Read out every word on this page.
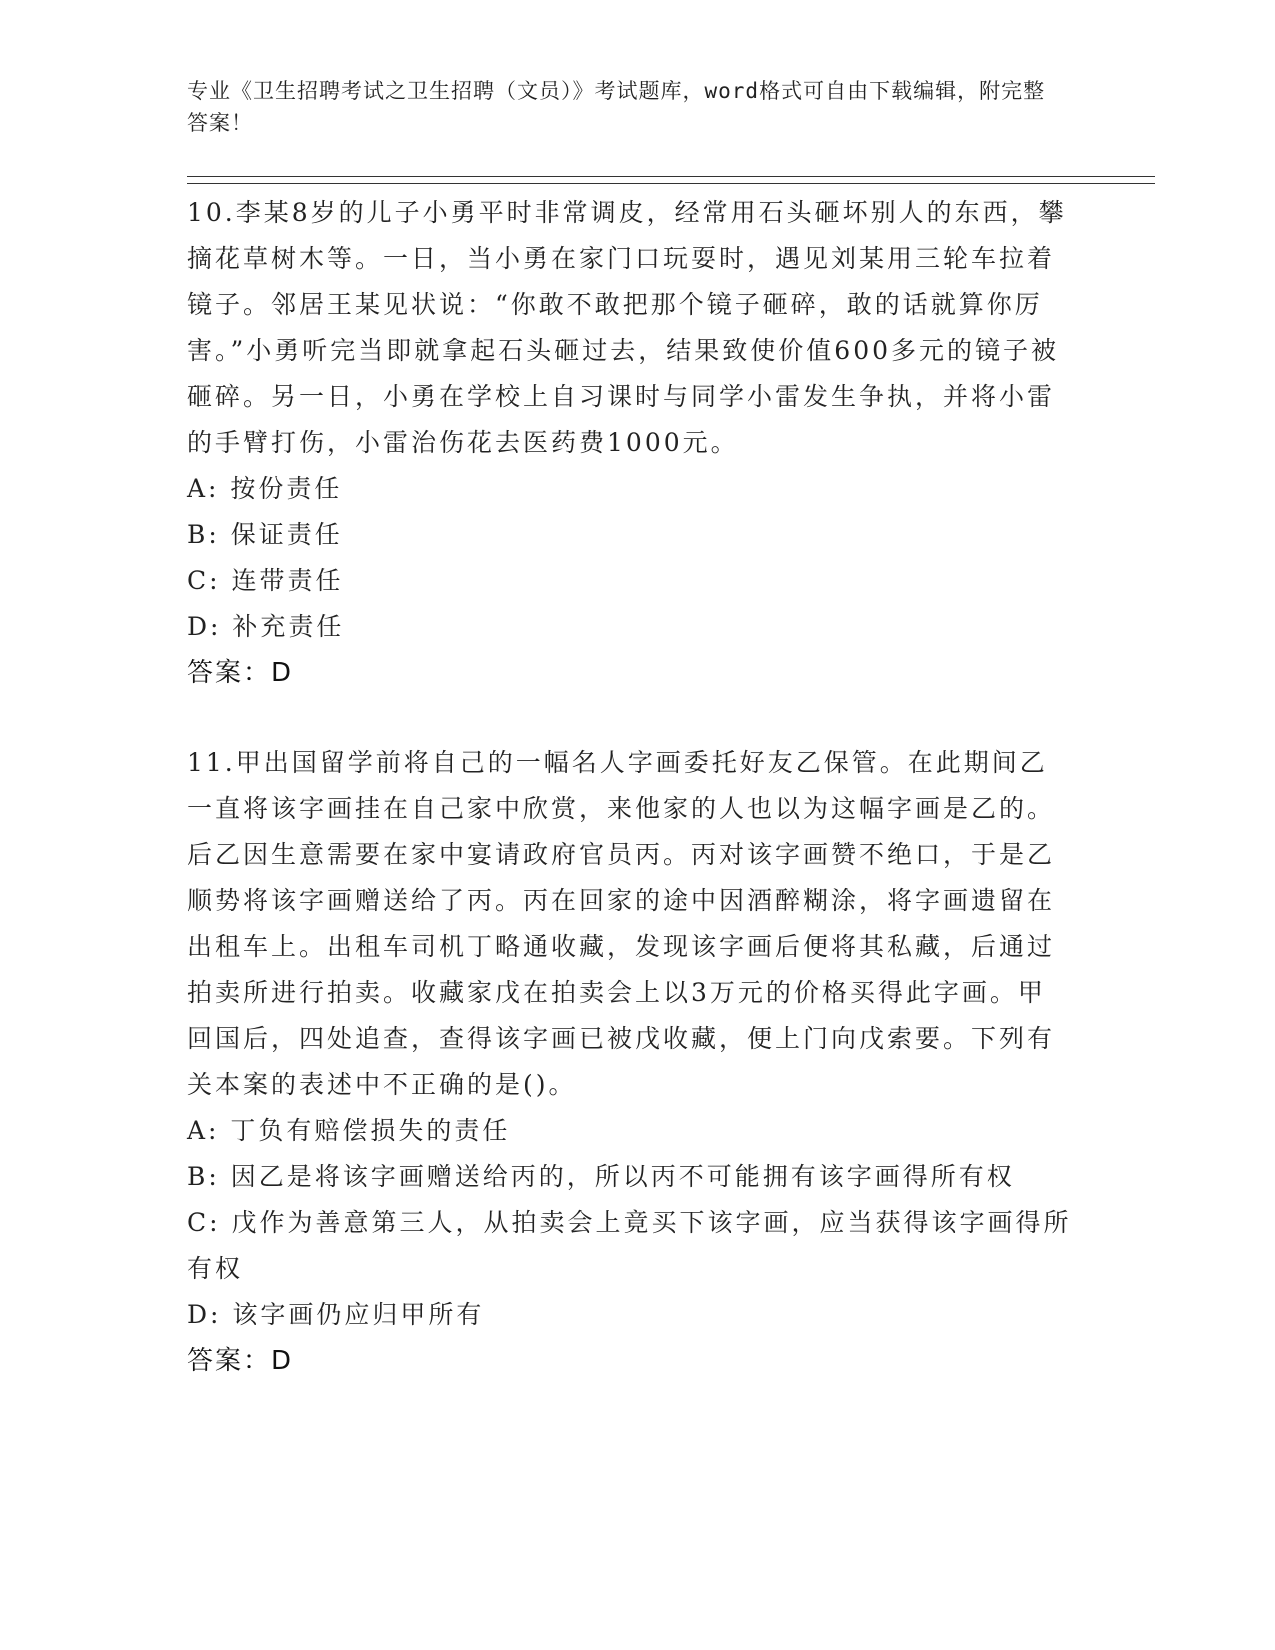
专业《卫生招聘考试之卫生招聘（文员）》考试题库，word格式可自由下载编辑，附完整答案！

10.李某8岁的儿子小勇平时非常调皮，经常用石头砸坏别人的东西，攀摘花草树木等。一日，当小勇在家门口玩耍时，遇见刘某用三轮车拉着镜子。邻居王某见状说：“你敢不敢把那个镜子砸碎，敢的话就算你厉害。”小勇听完当即就拿起石头砸过去，结果致使价值600多元的镜子被砸碎。另一日，小勇在学校上自习课时与同学小雷发生争执，并将小雷的手臂打伤，小雷治伤花去医药费1000元。

A: 按份责任

B: 保证责任

C: 连带责任

D: 补充责任

答案：D

11.甲出国留学前将自己的一幅名人字画委托好友乙保管。在此期间乙一直将该字画挂在自己家中欣赏，来他家的人也以为这幅字画是乙的。后乙因生意需要在家中宴请政府官员丙。丙对该字画赞不绝口，于是乙顺势将该字画赠送给了丙。丙在回家的途中因酒醉糊涂，将字画遗留在出租车上。出租车司机丁略通收藏，发现该字画后便将其私藏，后通过拍卖所进行拍卖。收藏家戊在拍卖会上以3万元的价格买得此字画。甲回国后，四处追查，查得该字画已被戊收藏，便上门向戊索要。下列有关本案的表述中不正确的是()。

A: 丁负有赔偿损失的责任

B: 因乙是将该字画赠送给丙的，所以丙不可能拥有该字画得所有权

C: 戊作为善意第三人，从拍卖会上竟买下该字画，应当获得该字画得所有权

D: 该字画仍应归甲所有

答案：D
